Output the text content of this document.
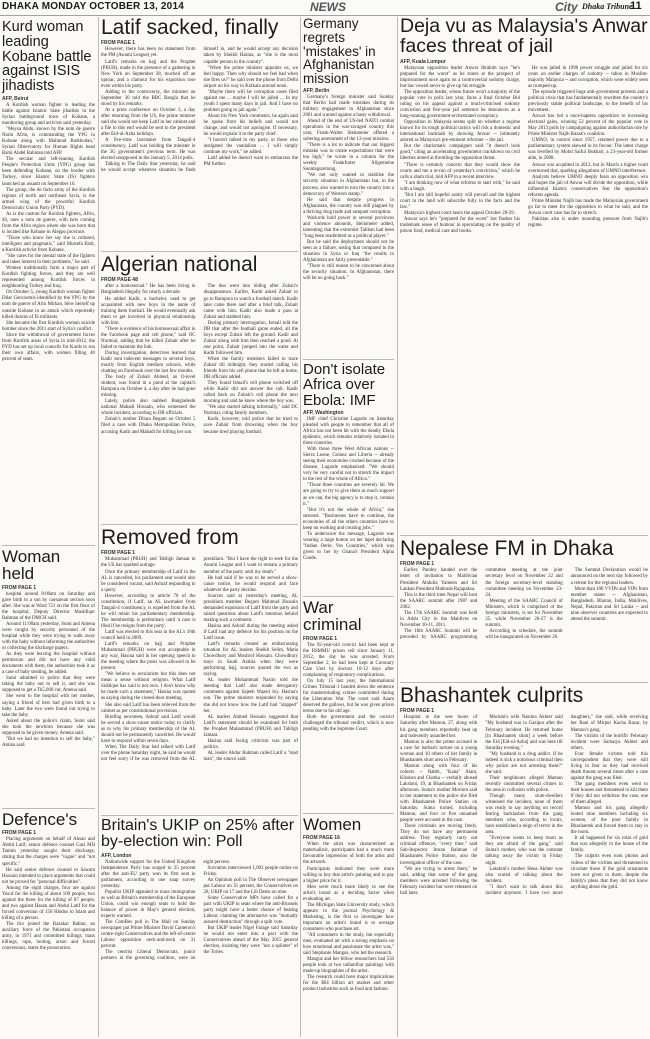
DHAKA MONDAY OCTOBER 13, 2014	NEWS	City Dhaka Tribune
11
Kurd woman leading Kobane battle against ISIS jihadists
AFP, Beirut

A Kurdish woman fighter is leading the battle against Islamic State jihadists in the Syrian battleground town of Kobane, a monitoring group and activists said yesterday.

"Meysa Abdo, known by the nom de guerre Narin Afrin, is commanding the YPG in Kobane along with Mahmud Barkhodan," Syrian Observatory for Human Rights head Rami Abdel Rahman told AFP.

The secular and left-leaning Kurdish People's Protection Units (YPG) group has been defending Kobane, on the border with Turkey, since Islamic State (IS) fighters launched an assault on September 16.

The group, the de facto army of the Kurdish regions of north and northeast Syria, is the armed wing of the powerful Kurdish Democratic Union Party (PYD).

As is the custom for Kurdish fighters, Afrin, 40, uses a nom de guerre, with hers coming from the Afrin region where she was born that is located like Kobane in Aleppo province.

"Those who know her say she is cultured, intelligent and pragmatic," said Mustefa Ebdi, a Kurdish activist from Kobane.

"She cares for the mental state of the fighters and takes interest in their problems," he said.

Women traditionally form a major part of Kurdish fighting forces, and they are well represented among Kurdish forces in neighbouring Turkey and Iraq.

On October 5, young Kurdish woman fighter Dilar Gencxemis identified by the YPG by the nom de guerre of Arin Mirkan, blew herself up outside Kobane in an attack which reportedly killed dozens of IS militants.

She became the first Kurdish woman suicide bomber since the 2011 start of Syria's conflict.

Since the withdrawal of government forces from Kurdish areas of Syria in mid-2012, the PYD has set up local councils for Kurds to run their own affairs, with women filling 40 percent of seats.

Woman held
FROM PAGE 1

hospital around 8:00am on Saturday and gave birth to a son by caesarean section soon after. She was at Ward 721 on the first floor of the hospital, Deputy Director Mushfiqur Rahman of the DMCH said.

Around 11:00am yesterday, Sumi and Amena were caught by security personnel of the hospital while they were trying to walk away with the baby without informing the authorities or collecting the discharge papers.

As they were leaving the hospital without permission and did not have any valid documents with them, the authorities took it as a case of baby stealing, he added.

Sumi admitted to police that they were taking the baby out to sell it, and she was supposed to get a Tk5,000 cut, Amena said.

She went to the hospital with her mother, saying a friend of hers had given birth to a baby. Later the two were found out trying to take the baby.

Asked about the police's claim, Sumi said she took the newborn because she was supposed to be given money, Amena said.

"But we had no intention to sell the baby," Amina said.

Defence's
FROM PAGE 1

Placing arguments on behalf of Ahsan and Abdul Latif, senior defence counsel Gazi MH Tamim yesterday sought their discharge, stating that the charges were "vague" and "not specific."

He said senior defence counsel to Sawant Hossain intended to place arguments that could not be proved for "personal difficulties".

Among the eight charges, four are against Yusuf for the killing of about 100 people, two against the three for the killing of 87 people, and two against Hasan and Abdul Latif for the forced conversion of 150 Hindus to Islam and killing of a person.

The trio joined the Razakar Bahini, an auxiliary force of the Pakistani occupation army, in 1971 and committed killings, mass killings, rape, looting, arson and forced conversions, states the prosecution.

Latif sacked, finally
FROM PAGE 1

However, there has been no statement from the PM (Awami League) yet.

Latif's remarks on hajj and the Prophet (PBUH), made in the presence of a gathering in New York on September 28, touched off an uproar, and a clamour for his expulsion rose even within his party.

Adding to the controversy, the minister on September 30 told the BBC Bangla that he stood by his remarks.

At a press conference on October 3, a day after returning from the US, the prime minister said she would not keep Latif in her cabinet and a file to this end would be sent to the president after Eid-ul-Azha holidays.

A five-time lawmaker from Tangail-4 constituency, Latif was holding the minister in the 3G government's previous term. He was elected unopposed in the January 5, 2014 polls.

Talking to The Daily Star yesterday, he said he would accept whatever situation he finds himself in, and he would accept any decision taken by Sheikh Hasina, as "she is the most capable person in the country".

"When the prime minister appoints us, we feel happy. Then why should we feel bad when she fires us?" he said over the phone from Delhi airport on his way to Kolkata around noon.

"Maybe there will be corruption cases filed against me ... maybe I will be jailed ... In my youth I spent many days in jail. And I have no problem going to jail again."

About his New York comments, he again said he spoke from his beliefs and would not change, and would not apologise. If necessary, he would explain it to the party chief.

"I haven't talked to my party, or those who instigated the vandalism ... I will simply continue my work," he added.

Latif added he doesn't want to embarrass the PM further.

Algerian national
FROM PAGE 48

after a homosexual." He has been living in Bangladesh illegally for nearly a decade.

He added Kadir, a bachelor, used to get acquainted with new boys in the name of training them football. He would eventually ask them to get involved in physical relationship with him.

"There is evidence of his homosexual affair in the Facebook page and cell phone," said OC Nurmial, adding that he killed Zubair after he failed to maintain the link.

During investigation, detectives learned that Kadir sent indecent messages to several boys, mostly from English medium schools, while chatting on Facebook over the last few months.

The body of Zubair Ahmed, an O-level student, was found in a pond at the capital's Rampura on October 4, a day after he had gone missing.

Lately, police also nabbed Bangladeshi national Mahadi Hossain, who witnessed the whole incident, according to DB officials.

Zubair's mother Dilara Begum on October 5 filed a case with Dhaka Metropolitan Police, accusing Kadir and Mahadi for killing her son.

The duo went into hiding after Zubair's disappearance. Earlier, Kadir asked Zubair to go to Rampura to watch a football match. Kadir later came there and after a brief talk, Zubair came with him. Kadir also made a pass at Zubair and stabbed him.

During primary interrogation, Ismail told the DB that after the football game ended, all the boys except Zubair left the ground. Kadir and Zubair along with him then reached a pond. At one point, Zubair jumped into the water and Kadir followed him.

When the family members failed to trace Zubair till midnight, they started calling his friends from his cell phone that he left at home, DB officials added.

They found Ismail's cell phone switched off while Kadir did not answer the call. Kadir called back on Zubair's cell phone the next morning and said he knew where the boy was.

"We also started talking informally," said DC Nurmial, citing family members.

Kadir, however, told police that he tried to save Zubair from drowning when the boy became tired playing football.

Removed from
FROM PAGE 1

Muhammad (PBUH) and Tabligh Jamaat in the US has sparked outrage.

Once the primary membership of Latif in the AL is cancelled, his parliament seat would also be considered vacant, said Ashraf responding to a query.

However, according to article 70 of the constitution, if Latif, an AL lawmaker from Tangail-4 constituency, is expelled from the AL he will retain his parliamentary membership. The membership is preliminary until 'a case is filed if he resigns from the party'.

Latif was elected to this seat in the AL's 16th council held in 2009.

Latif's remarks on hajj and Prophet Muhammad (PBUH) were not acceptable in any way, Hasina said in her opening speech to the meeting where the press was allowed to be present.

"We believe in secularism but this does not mean a sense without religion. What Latif Siddique has said is not ours. I don't know why he made such a statement," Hasina was quoted as saying during the closed-door meeting.

She also said Latif has been relieved from the cabinet as per constitutional provisions.

Briefing newsmen, Ashraf said Latif would be served a show-cause notice today to clarify as to why his primary membership of the AL should not be permanently cancelled. He would have to respond within seven days.

When The Daily Star had talked with Latif over the phone Saturday night, he said he would not feel sorry if he was removed from the AL presidium. "But I have the right to seek for the Awami League and I want to remain a primary member of the party until my death."

He had said if he was to be served a show-cause notice, he would respond and face whatever the party decides.

Sources said at yesterday's meeting, AL presidium member Begum Mahmud Hossain demanded expulsion of Latif from the party and raised questions about Latif's intention behind making such a comment.

Hasina and Ashraf during the meeting asked if Latif had any defence for his position on the Latif issue.

Latif's remarks created an embarrassing situation for AL leaders Sheikh Selim, Matia Chowdhury and Moshrof Hossain. Chowdhury stays in Saudi Arabia when they were performing hajj, sources quoted the two as saying.

AL leader Mohammad Nasim told the meeting that Latif also made derogatory comments against Sajeeb Wazed Joy. Hasina's son. The prime minister responded by saying she did not know how the Latif had "slapped" her.

AL leaders Ahmed Hossain suggested that Latif's statement should be examined for both the Prophet Muhammad (PBUH) and Tabligh Jamaat.

Hasina said facing criticism was part of politics.

AL leader Abdur Rahman called Latif a "mad man", the source said.

Britain's UKIP on 25% after by-election win: Poll
AFP, London

Nationwide support for the United Kingdom Independence Party has surged to 25 percent after the anti-EU party won its first seat in parliament, according to one snap survey yesterday.

Populist UKIP appealed to mass immigration as well as Britain's membership of the European Union, could win enough seats to hold the balance of power in May's general election, experts warned.

The ComRes poll in The Mail on Sunday newspaper put Prime Minister David Cameron's centre-right Conservatives and the left-of-centre Labour opposition neck-and-neck on 31 percent.

The centrist Liberal Democrats, junior partners in the governing coalition, were on eight percent.

Survation interviewed 1,003 people online on Friday.

An Opinium poll in The Observer newspaper put Labour on 35 percent, the Conservatives on 28, UKIP on 17 and the Lib Dems on nine.

Some Conservative MPs have called for a pact with UKIP in seats where the anti-Brussels party might have a better chance of beating Labour, claiming the alternative was "mutually assured destruction" through a split vote.

But UKIP leader Nigel Farage said Saturday he would not enter into a pact with the Conservatives ahead of the May 2015 general election, insisting they were "not a splinter" of the Tories.

Germany regrets 'mistakes' in Afghanistan mission
AFP, Berlin

Germany's foreign minister said Sunday that Berlin had made mistakes during its military engagement in Afghanistan since 2001 and warned against a hasty withdrawal.

Ahead of the end of US-led NATO combat operations in the war-ravaged country this year, Frank-Walter Steinmeier offered a sobering assessment of the 13-year mission.

"There is a lot to indicate that our biggest mistake was to create expectations that were too high," he wrote in a column for the weekly Frankfurter Allgemeine Sonntagszeitung.

"We not only wanted to stabilise the security situation in Afghanistan but, in the process, also wanted to turn the country into a democracy of Western stamp."

He said that despite progress in Afghanistan, the country was still plagued by a thriving drug trade and rampant corruption.

Warlords hold power in several provinces and violence abounds, Steinmeier added, lamenting that the extremist Taliban had been "long been readmitted as a political player."

But he said the deployment should not be seen as a failure, noting that compared to the situation in Syria or Iraq "the results in Afghanistan are fairly presentable."

"There is still reason to be concerned about the security situation. In Afghanistan, there will be no going back."

Don't isolate Africa over Ebola: IMF
AFP, Washington

IMF chief Christine Lagarde on Saturday pleaded with people to remember that all of Africa has not been hit with the deadly Ebola epidemic, which remains relatively isolated in three countries.

With those three West African nations -- Sierra Leone, Guinea and Liberia -- already seeing their economies crushed because of the disease, Lagarde emphasised: "We should very be very careful not to stretch the impact to the rest of the whole of Africa."

"Those three countries are severely hit. We are going to try to give them as much support as we can, the big agency is to stop it, contain it."

"But it's not the whole of Africa," she stressed. "Businesses have to continue, the economies of all the others countries have to keep on working and creating jobs."

To underscore the message, Lagarde was wearing a large button on her lapel declaring "Indian Oerle, Vos Countries," which was given to her by Ghana's President Alpha Conde.

War criminal
FROM PAGE 1

The 92-year-old convict had been kept at the BSMMU prison cell since January 11, 2012, the day he was arrested. From September 2, he had been kept at Coronary Care Unit by doctors 10-12 days after complaining of respiratory complications.

On July 15 last year, the International Crimes Tribunal-1 handed down the sentence for masterminding crimes committed during the Liberation War. The court said Azam deserved the gallows, but he was given prison terms due to his old age.

Both the government and the convict challenged the tribunal verdict, which is now pending with the Supreme Court.

Women
FROM PAGE 16

When the artist was characterised as maternalistic, participants had a much more favourable impression of both the artist and the artwork.

Participants indicated they were more willing to buy that artist's painting and to pay a higher price for it.

Men were much more likely to see the artist's brand as a deciding factor when evaluating art.

The Michigan State University study, which appears in the journal Psychology & Marketing, is the first to investigate how important an artist's brand is to average consumers who purchase art.

"All consumers in the study, but especially men, evaluated art with a strong emphasis on how emotional and passionate the artist was," said Stephanie Mangus, who led the research.

Mangus and her fellow researchers had 550 people look at two unfamiliar paintings with made-up biographies of the artist.

The research could have major implications for the $64 billion art market and other product industries such as food and fashion.

Deja vu as Malaysia's Anwar faces threat of jail
AFP, Kuala Lumpur

Malaysian opposition leader Anwar Ibrahim says "he's prepared for the worst" as he stares at the prospect of imprisonment once again on a controversial sodomy charge, but has vowed never to give up his struggle.

The opposition leader, whose future won't a majority of the popular vote in polls last year, faces a final October Bid ruling on his appeal against a much-criticised sodomy conviction and five-year jail sentence he denounces as a long-running government-orchestrated conspiracy.

Opposition in Malaysia seems split on whether a regime known for its tough political tactics will risk a domestic and international backlash by showing Anwar -- intimately adored as Malaysia's pre-eminent reformer -- the jail.

But the charismatic campaigner said "it doesn't look good," citing an accelerating government crackdown on civil liberties aimed at throttling the opposition threat.

"There is certainly concern that they would show the courts and me a re-run of yesterday's conviction," which he calls a sham trial, told AFP in a recent interview.

"I am thinking now of what reforms to start with," he said with a laugh.

"But I am still hopeful sanity will prevail and the highest court in the land will subscribe fully to the facts and the law."

Malaysia's highest court hears the appeal October 28-29.

Anwar says he's "prepared for the worst" but flashes his trademark sense of humour in speculating on the quality of prison food, medical care and books.

He was jailed in 1998 power struggle and jailed for six years on earlier charges of sodomy -- taboo in Muslim-majority Malaysia -- and corruption, which were widely seen as trumped-up.

The episode triggered huge anti-government protests and a political crisis that has fundamentally rewritten the country's previously stable political landscape, to the benefit of his movement.

Anwar has led a once-hapless opposition to increasing electoral gains, winning 52 percent of the popular vote in May 2013 polls by campaigning against authoritarian rule by Prime Minister Najib Razak's coalition.

UMNO, in control since 1957, retained power due to a parliamentary system skewed in its favour. The latest charge was levelled by Mohd Saiful Bukhari, a 23-year-old former aide, in 2008.

Anwar was acquitted in 2012, but in March a higher court overturned that, sparking allegations of UMNO interference.

Analysts believe UMNO deeply fears an opposition win and hopes the jail of Anwar will divide the opposition, while influential Islamic conservatives fear the opposition's reforms agenda.

Prime Minister Najib has made the Malaysian government go far to meet for the opposition to what he said, and the Anwar court case has far to stretch.

Pakistan also is under mounting pressure from Najib's regime.

Nepalese FM in Dhaka
FROM PAGE 1

Earlier, Pandey handed over the letter of invitation to Maldivian President Abdulla Yameen and Sri Lankan President Mahinda Rajapaksa.

This is the third time Nepal will host the SAARC summit after 1987 and 2002.

The 17th SAARC Summit was held in Addu City in the Maldives on November 10-11, 2011.

The 18th SAARC Summit will be preceded by SAARC programming committee meeting at the joint secretary level on November 22 and the foreign secretary-level standing committee meeting on November 23-24.

Meeting of the SAARC Council of Ministers, which is comprised of the foreign ministers, is set for November 25, while November 26-27 is the summit.

According to schedule, the summit will be inaugurated on November 26.

The Summit Declaration would be announced on the next day followed by a retreat for the regional leaders.

More than 100 VVIPs and VIPs from member states -- Afghanistan, Bangladesh, Bhutan, India, Maldives, Nepal, Pakistan and Sri Lanka -- and nine observer countries are expected to attend the summit.

Bhashantek culprits
FROM PAGE 1

Hospital in the wee hours of Saturday after Mamun, 27, along with his gang members reportedly beat up and indecently assaulted her.

Mamun is also the prime accused in a case for barbaric torture on a young woman and 10 others of her family in Bhashantek slum area in February.

Mamun along with four of his cohorts -- Rabbi, "Kana" Alam, Khokon and Chotka -- verbally abused Lakshmi, 19, at Bhashantek on Friday afternoon. Suma's mother Morium said in her statement to the police she filed with Bhashantek Police Station on Saturday. Suma turned, including Mamun, and four or five unnamed people were accused in the case.

These criminals are moving freely. They do not have any permanent address. They regularly carry out criminal offences, "every time," said Sub-Inspector Imran Rahman of Bhashantek Police Station, also the investigation officer of the case.

"We are trying to arrest them," he said, adding that some of the gang members were arrested following the February incident but were released on bail later.

Morium's wife Nasima Akhter said "My husband was in Gazipur after the February incident. He returned home [in Bhashantek slum] a week before the Eid [Eid-ul-Azha] and was here till Saturday evening."

"My husband is a drug addict. If he indeed is sick a notorious criminal then why police are not arresting them?" she said.

Their neighbours alleged Mamun recently committed several crimes in the area in collusion with police.

Though many slum-dwellers witnessed the incident, none of them was ready to say anything on record fearing backlashes from the gang members who, according to locals, have established a reign of terror in the area.

"Everyone wants to keep mum as they are afraid of the gang," said Suma's mother, who was the constant talking away the victim in Friday night.

Lakshmi's mother Hena Akhter was also scared of talking about the incident.

"I don't want to talk about this incident anymore. I have two more daughters," she said, while receiving her Rani of Mirpur Kacha Bazar, by Mamun's gang.

The victims of the horrific February incident were Sumaiya Akhter and others.

Four female victims told this correspondent that they were still living in fear as they had received death threats several times after a case against the gang was filed.

The gang members even went to their houses and threatened to kill them if they did not withdraw the case, one of them alleged.

Mamun and his gang allegedly looted nine members including six women, of the poor family in Bhashantek and forced them to stay in the room.

It all happened for six tolas of gold that was allegedly in the house of the family.

The culprits even took photos and videos of the victims and threatened to circulate those if the gold ornaments were not given to them, despite the family's pleas that they did not know anything about the gold.
